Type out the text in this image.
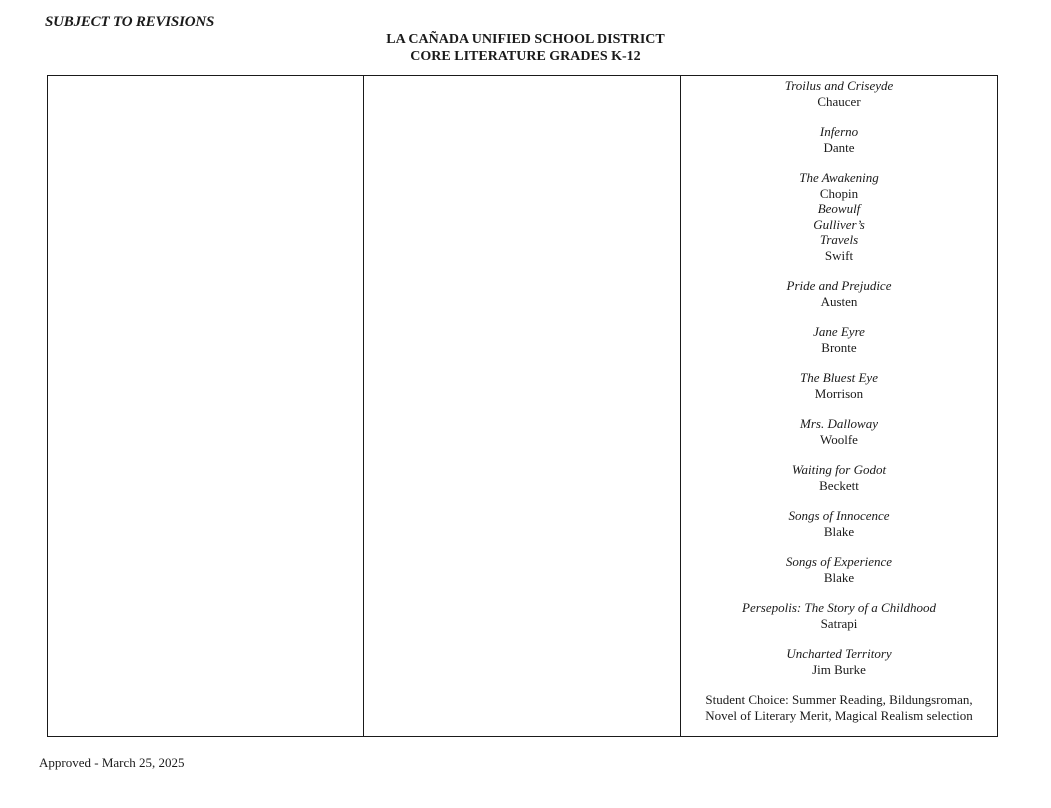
SUBJECT TO REVISIONS
LA CAÑADA UNIFIED SCHOOL DISTRICT
CORE LITERATURE GRADES K-12
Troilus and Criseyde
Chaucer
Inferno
Dante
The Awakening
Chopin
Beowulf
Gulliver’s
Travels
Swift
Pride and Prejudice
Austen
Jane Eyre
Bronte
The Bluest Eye
Morrison
Mrs. Dalloway
Woolfe
Waiting for Godot
Beckett
Songs of Innocence
Blake
Songs of Experience
Blake
Persepolis: The Story of a Childhood
Satrapi
Uncharted Territory
Jim Burke
Student Choice: Summer Reading, Bildungsroman, Novel of Literary Merit, Magical Realism selection
Approved - March 25, 2025
